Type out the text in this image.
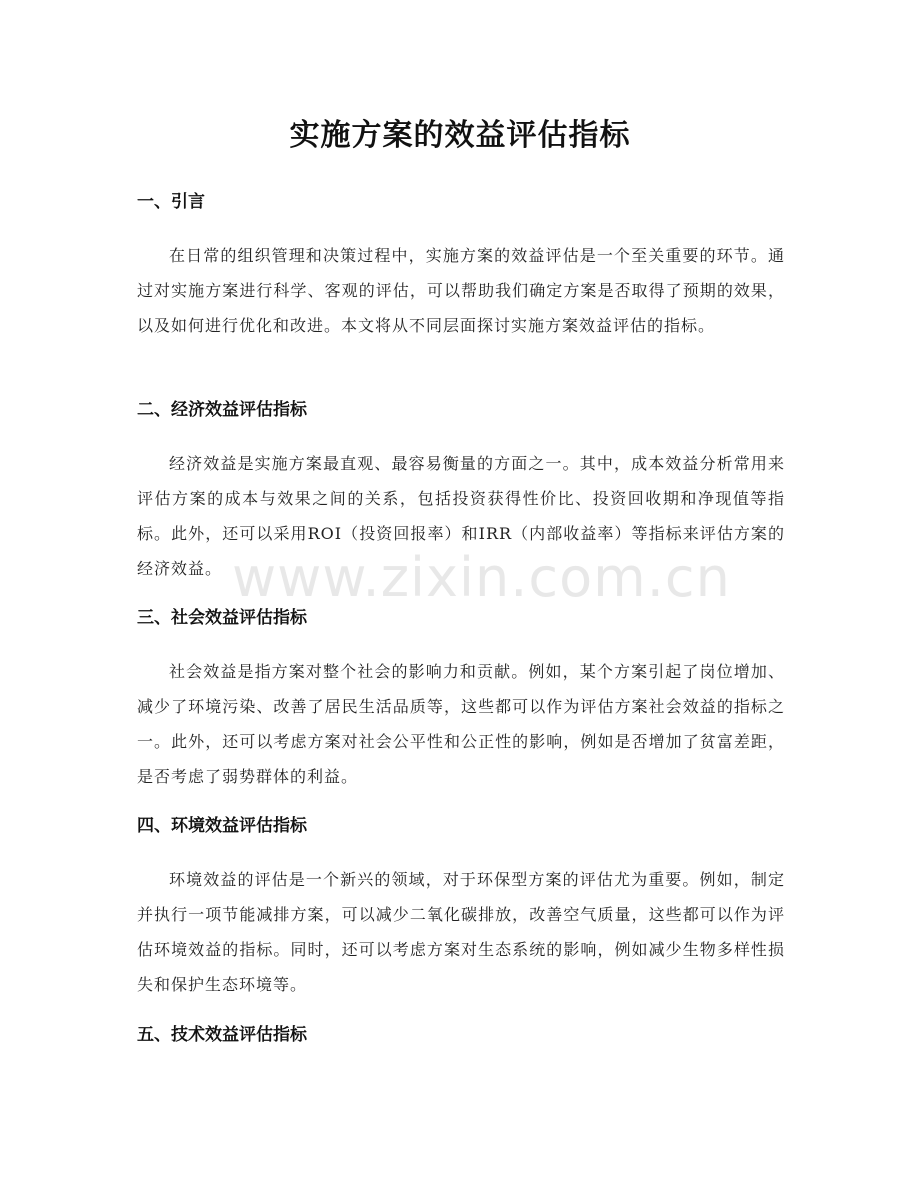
实施方案的效益评估指标
一、引言

在日常的组织管理和决策过程中，实施方案的效益评估是一个至关重要的环节。通过对实施方案进行科学、客观的评估，可以帮助我们确定方案是否取得了预期的效果，以及如何进行优化和改进。本文将从不同层面探讨实施方案效益评估的指标。

二、经济效益评估指标

经济效益是实施方案最直观、最容易衡量的方面之一。其中，成本效益分析常用来评估方案的成本与效果之间的关系，包括投资获得性价比、投资回收期和净现值等指标。此外，还可以采用ROI（投资回报率）和IRR（内部收益率）等指标来评估方案的经济效益。

三、社会效益评估指标

社会效益是指方案对整个社会的影响力和贡献。例如，某个方案引起了岗位增加、减少了环境污染、改善了居民生活品质等，这些都可以作为评估方案社会效益的指标之一。此外，还可以考虑方案对社会公平性和公正性的影响，例如是否增加了贫富差距，是否考虑了弱势群体的利益。

四、环境效益评估指标

环境效益的评估是一个新兴的领域，对于环保型方案的评估尤为重要。例如，制定并执行一项节能减排方案，可以减少二氧化碳排放，改善空气质量，这些都可以作为评估环境效益的指标。同时，还可以考虑方案对生态系统的影响，例如减少生物多样性损失和保护生态环境等。

五、技术效益评估指标

www.zixin.com.cn
